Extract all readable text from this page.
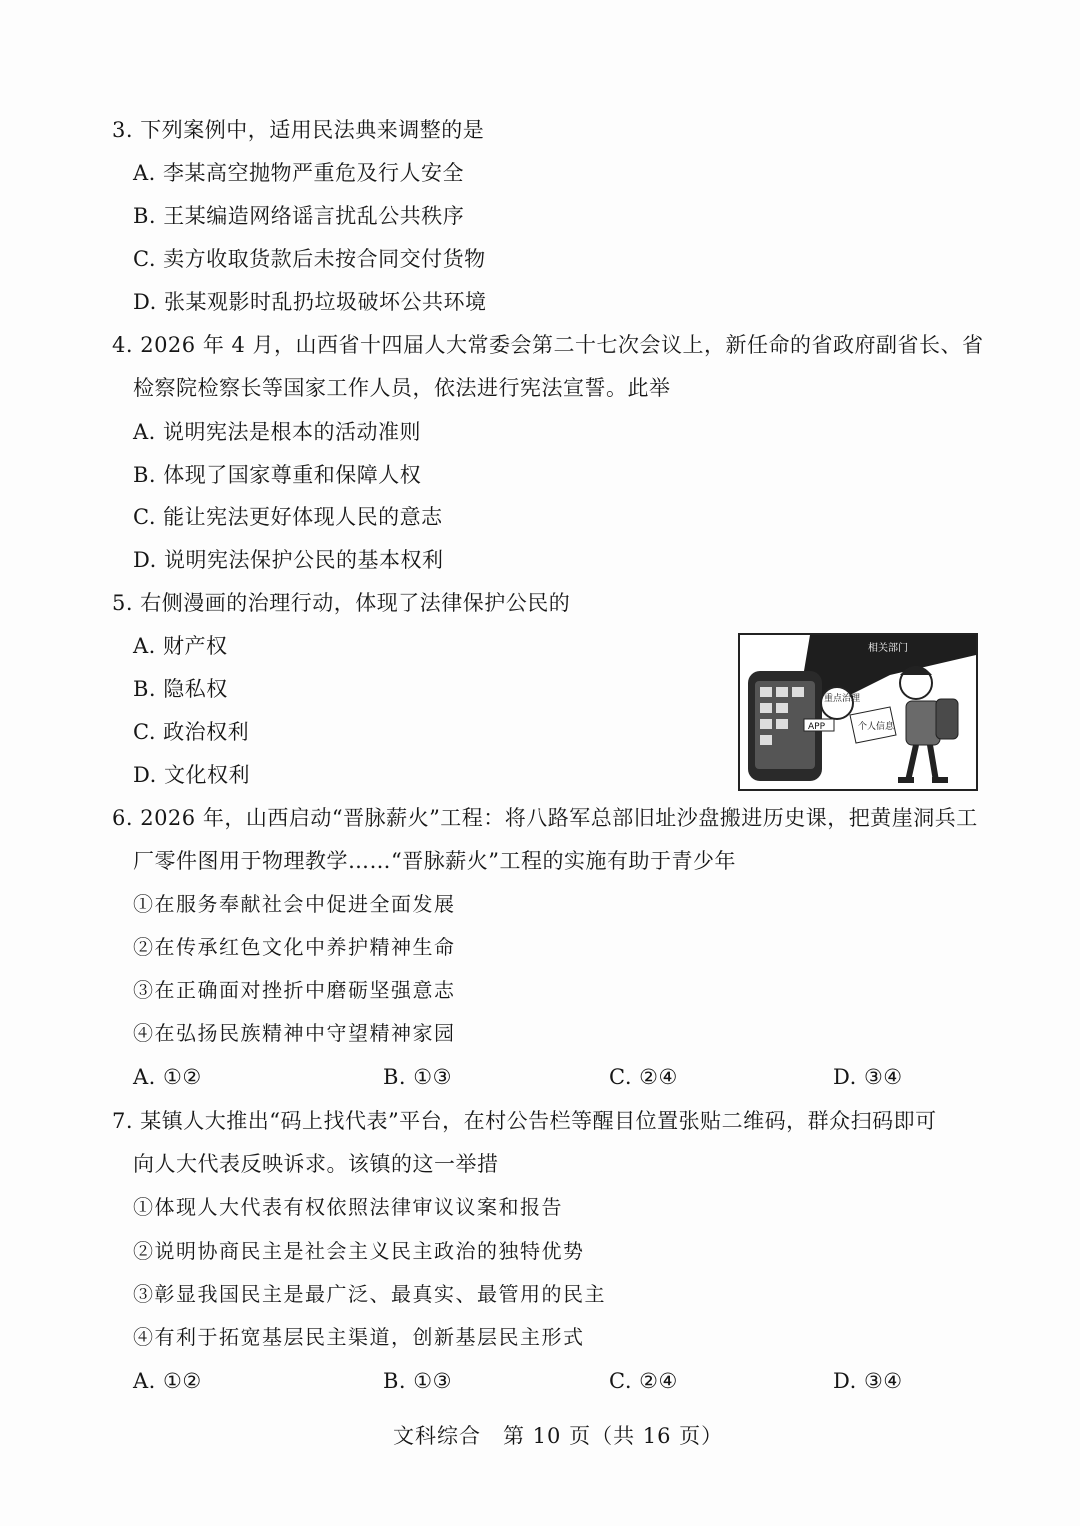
3. 下列案例中，适用民法典来调整的是
A. 李某高空抛物严重危及行人安全
B. 王某编造网络谣言扰乱公共秩序
C. 卖方收取货款后未按合同交付货物
D. 张某观影时乱扔垃圾破坏公共环境
4. 2026 年 4 月，山西省十四届人大常委会第二十七次会议上，新任命的省政府副省长、省
检察院检察长等国家工作人员，依法进行宪法宣誓。此举
A. 说明宪法是根本的活动准则
B. 体现了国家尊重和保障人权
C. 能让宪法更好体现人民的意志
D. 说明宪法保护公民的基本权利
5. 右侧漫画的治理行动，体现了法律保护公民的
A. 财产权
B. 隐私权
C. 政治权利
D. 文化权利
相关部门
重点治理
APP	个人信息
6. 2026 年，山西启动“晋脉薪火”工程：将八路军总部旧址沙盘搬进历史课，把黄崖洞兵工
厂零件图用于物理教学……“晋脉薪火”工程的实施有助于青少年
①在服务奉献社会中促进全面发展
②在传承红色文化中养护精神生命
③在正确面对挫折中磨砺坚强意志
④在弘扬民族精神中守望精神家园
A. ①②	B. ①③	C. ②④	D. ③④
7. 某镇人大推出“码上找代表”平台，在村公告栏等醒目位置张贴二维码，群众扫码即可
向人大代表反映诉求。该镇的这一举措
①体现人大代表有权依照法律审议议案和报告
②说明协商民主是社会主义民主政治的独特优势
③彰显我国民主是最广泛、最真实、最管用的民主
④有利于拓宽基层民主渠道，创新基层民主形式
A. ①②	B. ①③	C. ②④	D. ③④
文科综合　第 10 页（共 16 页）
